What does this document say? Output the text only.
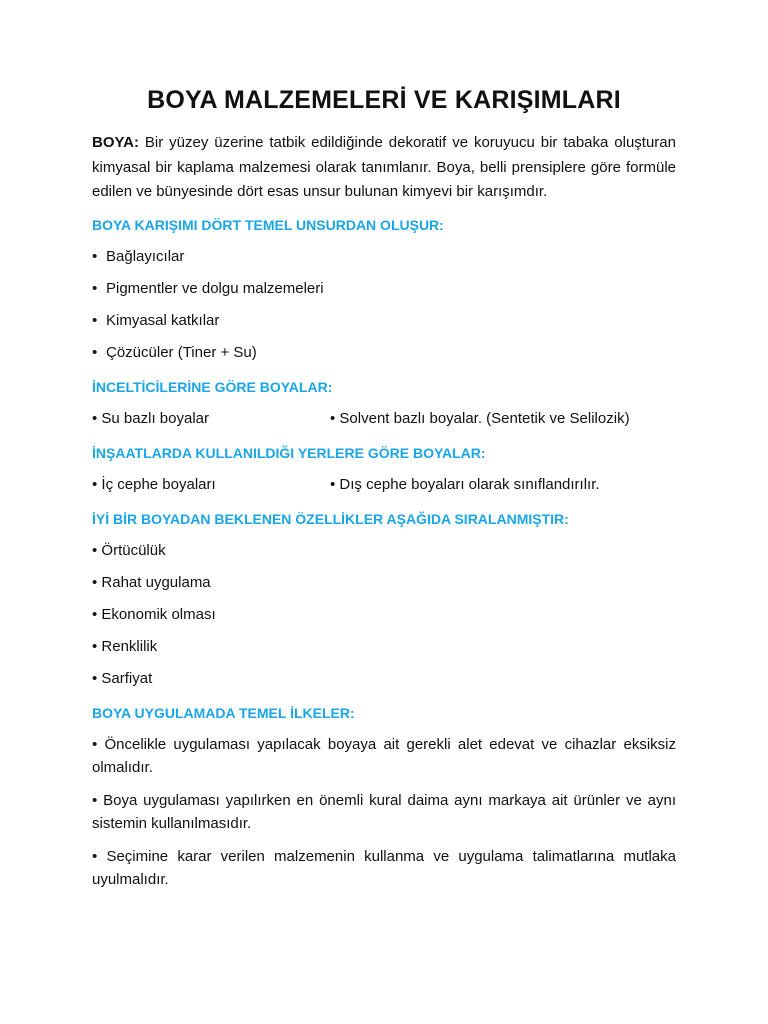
BOYA MALZEMELERİ VE KARIŞIMLARI
BOYA: Bir yüzey üzerine tatbik edildiğinde dekoratif ve koruyucu bir tabaka oluşturan kimyasal bir kaplama malzemesi olarak tanımlanır. Boya, belli prensiplere göre formüle edilen ve bünyesinde dört esas unsur bulunan kimyevi bir karışımdır.
BOYA KARIŞIMI DÖRT TEMEL UNSURDAN OLUŞUR:
• Bağlayıcılar
• Pigmentler ve dolgu malzemeleri
• Kimyasal katkılar
• Çözücüler (Tiner + Su)
İNCELTİCİLERİNE GÖRE BOYALAR:
• Su bazlı boyalar	• Solvent bazlı boyalar. (Sentetik ve Selilozik)
İNŞAATLARDA KULLANILDIĞI YERLERE GÖRE BOYALAR:
• İç cephe boyaları	• Dış cephe boyaları olarak sınıflandırılır.
İYİ BİR BOYADAN BEKLENEN ÖZELLİKLER AŞAĞIDA SIRALANMIŞTIR:
• Örtücülük
• Rahat uygulama
• Ekonomik olması
• Renklilik
• Sarfiyat
BOYA UYGULAMADA TEMEL İLKELER:
• Öncelikle uygulaması yapılacak boyaya ait gerekli alet edevat ve cihazlar eksiksiz olmalıdır.
• Boya uygulaması yapılırken en önemli kural daima aynı markaya ait ürünler ve aynı sistemin kullanılmasıdır.
• Seçimine karar verilen malzemenin kullanma ve uygulama talimatlarına mutlaka uyulmalıdır.
